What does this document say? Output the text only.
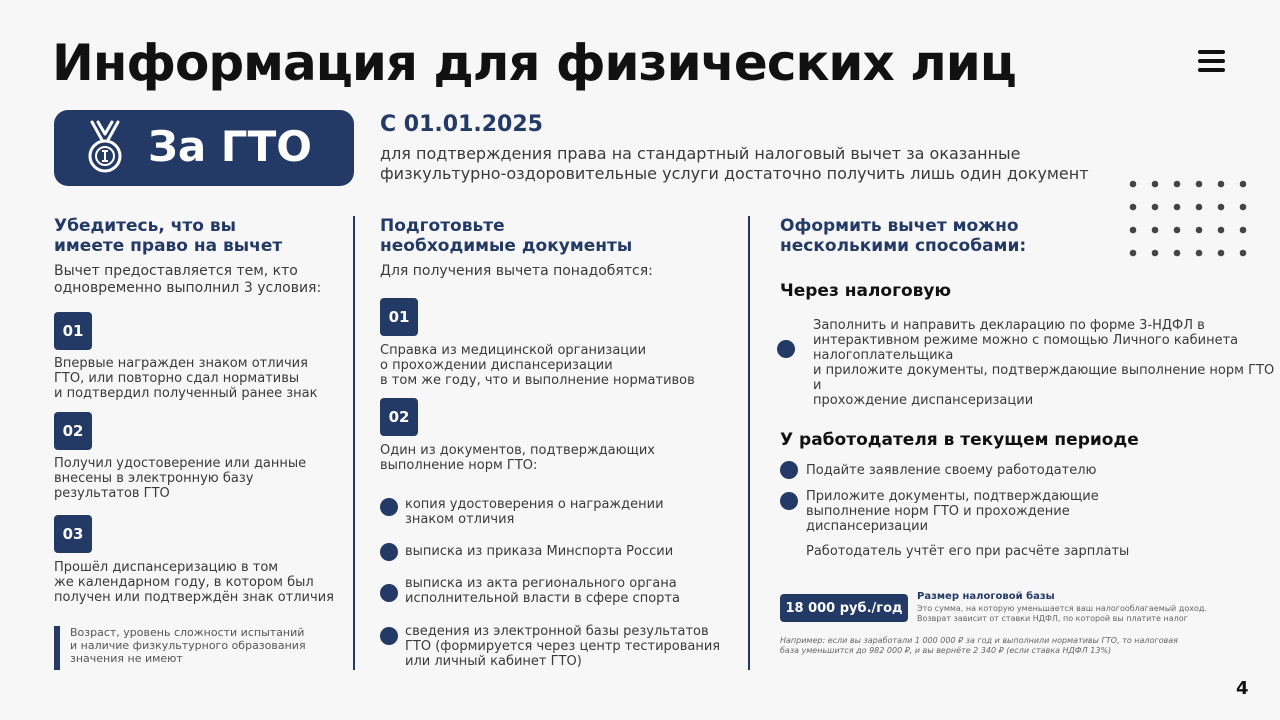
Информация для физических лиц
За ГТО	С 01.01.2025
для подтверждения права на стандартный налоговый вычет за оказанные
физкультурно-оздоровительные услуги достаточно получить лишь один документ
Убедитесь, что вы
имеете право на вычет
Вычет предоставляется тем, кто
одновременно выполнил 3 условия:
01
Впервые награжден знаком отличия
ГТО, или повторно сдал нормативы
и подтвердил полученный ранее знак
02
Получил удостоверение или данные
внесены в электронную базу
результатов ГТО
03
Прошёл диспансеризацию в том
же календарном году, в котором был
получен или подтверждён знак отличия
Возраст, уровень сложности испытаний
и наличие физкультурного образования
значения не имеют
Подготовьте
необходимые документы
Для получения вычета понадобятся:
01
Справка из медицинской организации
о прохождении диспансеризации
в том же году, что и выполнение нормативов
02
Один из документов, подтверждающих
выполнение норм ГТО:
копия удостоверения о награждении
знаком отличия
выписка из приказа Минспорта России
выписка из акта регионального органа
исполнительной власти в сфере спорта
сведения из электронной базы результатов
ГТО (формируется через центр тестирования
или личный кабинет ГТО)
Оформить вычет можно
несколькими способами:
Через налоговую
Заполнить и направить декларацию по форме 3-НДФЛ в
интерактивном режиме можно с помощью Личного кабинета
налогоплательщика
и приложите документы, подтверждающие выполнение норм ГТО и
прохождение диспансеризации
У работодателя в текущем периоде
Подайте заявление своему работодателю
Приложите документы, подтверждающие
выполнение норм ГТО и прохождение
диспансеризации
Работодатель учтёт его при расчёте зарплаты
18 000 руб./год
Размер налоговой базы
Это сумма, на которую уменьшается ваш налогооблагаемый доход.
Возврат зависит от ставки НДФЛ, по которой вы платите налог
Например: если вы заработали 1 000 000 ₽ за год и выполнили нормативы ГТО, то налоговая
база уменьшится до 982 000 ₽, и вы вернёте 2 340 ₽ (если ставка НДФЛ 13%)
4
